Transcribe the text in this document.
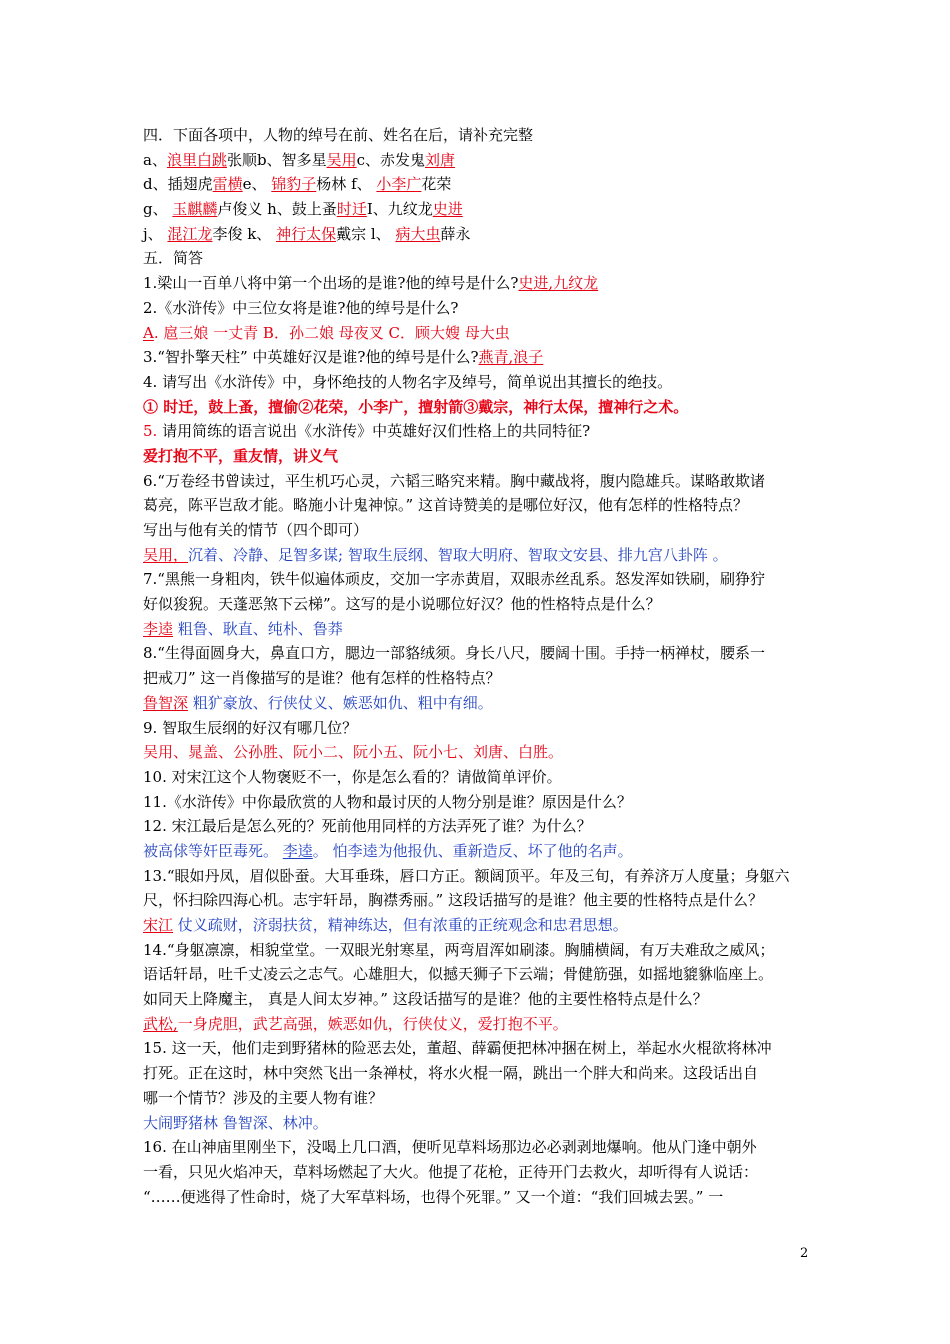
四．下面各项中，人物的绰号在前、姓名在后，请补充完整
a、浪里白跳张顺b、智多星吴用c、赤发鬼刘唐
d、插翅虎雷横e、 锦豹子杨林 f、 小李广花荣
g、 玉麒麟卢俊义 h、鼓上蚤时迁I、九纹龙史进
j、 混江龙李俊 k、 神行太保戴宗 l、 病大虫薛永
五．简答
1.梁山一百单八将中第一个出场的是谁?他的绰号是什么?史进,九纹龙
2.《水浒传》中三位女将是谁?他的绰号是什么?
A. 扈三娘 一丈青 B．孙二娘 母夜叉 C．顾大嫂 母大虫
3.“智扑擎天柱” 中英雄好汉是谁?他的绰号是什么?燕青,浪子
4. 请写出《水浒传》中，身怀绝技的人物名字及绰号，简单说出其擅长的绝技。
① 时迁，鼓上蚤，擅偷②花荣，小李广，擅射箭③戴宗，神行太保，擅神行之术。
5. 请用简练的语言说出《水浒传》中英雄好汉们性格上的共同特征?
爱打抱不平，重友情，讲义气
6.“万卷经书曾读过，平生机巧心灵，六韬三略究来精。胸中藏战将，腹内隐雄兵。谋略敢欺诸
葛亮，陈平岂敌才能。略施小计鬼神惊。” 这首诗赞美的是哪位好汉，他有怎样的性格特点？
写出与他有关的情节（四个即可）
吴用，沉着、冷静、足智多谋; 智取生辰纲、智取大明府、智取文安县、排九宫八卦阵 。
7.“黑熊一身粗肉，铁牛似遍体顽皮，交加一字赤黄眉，双眼赤丝乱系。怒发浑如铁刷，刷狰狞
好似狻猊。天蓬恶煞下云梯”。这写的是小说哪位好汉？他的性格特点是什么？
李逵 粗鲁、耿直、纯朴、鲁莽
8.“生得面圆身大，鼻直口方，腮边一部貉绒须。身长八尺，腰阔十围。手持一柄禅杖，腰系一
把戒刀” 这一肖像描写的是谁？他有怎样的性格特点？
鲁智深 粗犷豪放、行侠仗义、嫉恶如仇、粗中有细。
9. 智取生辰纲的好汉有哪几位？
吴用、晁盖、公孙胜、阮小二、阮小五、阮小七、刘唐、白胜。
10. 对宋江这个人物褒贬不一，你是怎么看的？请做简单评价。
11.《水浒传》中你最欣赏的人物和最讨厌的人物分别是谁？原因是什么？
12. 宋江最后是怎么死的？死前他用同样的方法弄死了谁？为什么？
被高俅等奸臣毒死。 李逵。 怕李逵为他报仇、重新造反、坏了他的名声。
13.“眼如丹凤，眉似卧蚕。大耳垂珠，唇口方正。额阔顶平。年及三旬，有养济万人度量；身躯六
尺，怀扫除四海心机。志宇轩昂，胸襟秀丽。” 这段话描写的是谁？他主要的性格特点是什么？
宋江 仗义疏财，济弱扶贫，精神练达，但有浓重的正统观念和忠君思想。
14.“身躯凛凛，相貌堂堂。一双眼光射寒星，两弯眉浑如刷漆。胸脯横阔，有万夫难敌之威风；
语话轩昂，吐千丈凌云之志气。心雄胆大，似撼天狮子下云端；骨健筋强，如摇地貔貅临座上。
如同天上降魔主， 真是人间太岁神。” 这段话描写的是谁？他的主要性格特点是什么？
武松,一身虎胆，武艺高强，嫉恶如仇，行侠仗义，爱打抱不平。
15. 这一天，他们走到野猪林的险恶去处，董超、薛霸便把林冲捆在树上，举起水火棍欲将林冲
打死。正在这时，林中突然飞出一条禅杖，将水火棍一隔，跳出一个胖大和尚来。这段话出自
哪一个情节？涉及的主要人物有谁？
大闹野猪林 鲁智深、林冲。
16. 在山神庙里刚坐下，没喝上几口酒，便听见草料场那边必必剥剥地爆响。他从门逢中朝外
一看，只见火焰冲天，草料场燃起了大火。他提了花枪，正待开门去救火，却听得有人说话：
“……便逃得了性命时，烧了大军草料场，也得个死罪。” 又一个道：“我们回城去罢。” 一
2
